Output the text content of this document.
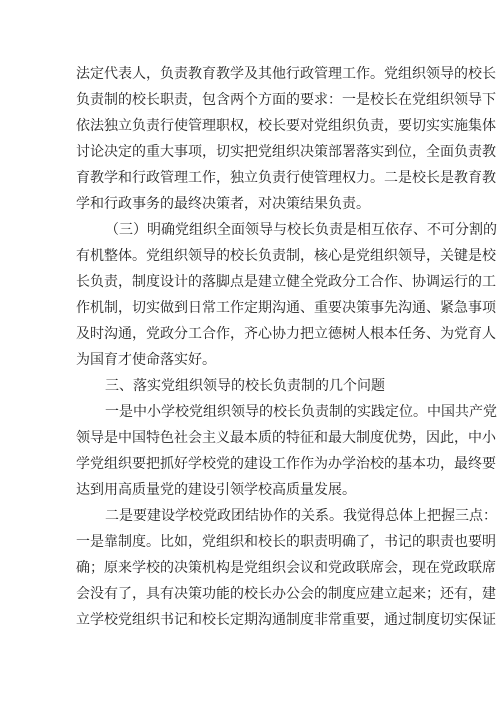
法定代表人，负责教育教学及其他行政管理工作。党组织领导的校长
负责制的校长职责，包含两个方面的要求：一是校长在党组织领导下
依法独立负责行使管理职权，校长要对党组织负责，要切实实施集体
讨论决定的重大事项，切实把党组织决策部署落实到位，全面负责教
育教学和行政管理工作，独立负责行使管理权力。二是校长是教育教
学和行政事务的最终决策者，对决策结果负责。
（三）明确党组织全面领导与校长负责是相互依存、不可分割的
有机整体。党组织领导的校长负责制，核心是党组织领导，关键是校
长负责，制度设计的落脚点是建立健全党政分工合作、协调运行的工
作机制，切实做到日常工作定期沟通、重要决策事先沟通、紧急事项
及时沟通，党政分工合作，齐心协力把立德树人根本任务、为党育人
为国育才使命落实好。
三、落实党组织领导的校长负责制的几个问题
一是中小学校党组织领导的校长负责制的实践定位。中国共产党
领导是中国特色社会主义最本质的特征和最大制度优势，因此，中小
学党组织要把抓好学校党的建设工作作为办学治校的基本功，最终要
达到用高质量党的建设引领学校高质量发展。
二是要建设学校党政团结协作的关系。我觉得总体上把握三点：
一是靠制度。比如，党组织和校长的职责明确了，书记的职责也要明
确；原来学校的决策机构是党组织会议和党政联席会，现在党政联席
会没有了，具有决策功能的校长办公会的制度应建立起来；还有，建
立学校党组织书记和校长定期沟通制度非常重要，通过制度切实保证
